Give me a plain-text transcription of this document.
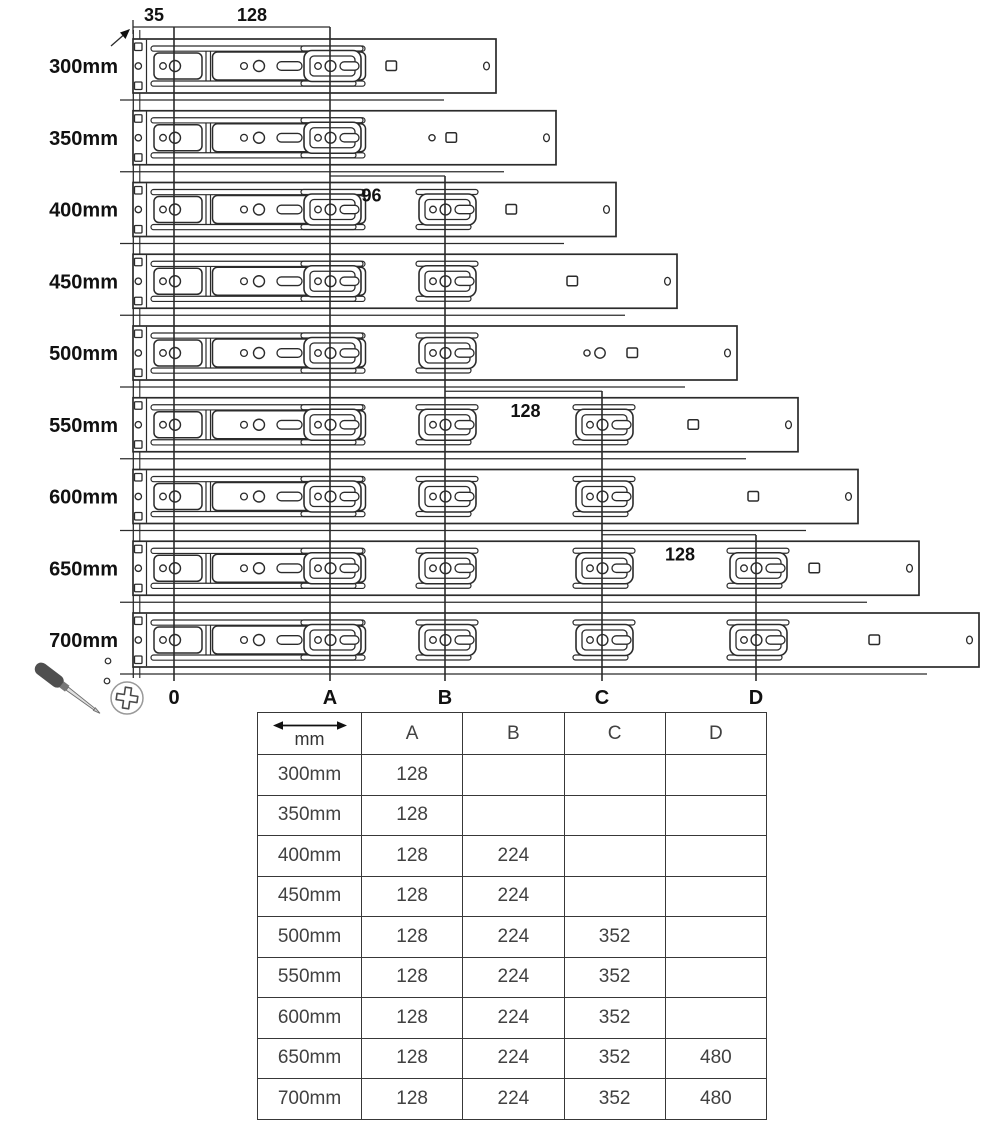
300mm
350mm
400mm
450mm
500mm
550mm
600mm
650mm
700mm
96
128
128
35	128
0	A	B	C	D
mm	A	B	C	D
300mm	128			
350mm	128			
400mm	128	224		
450mm	128	224		
500mm	128	224	352	
550mm	128	224	352	
600mm	128	224	352	
650mm	128	224	352	480
700mm	128	224	352	480
